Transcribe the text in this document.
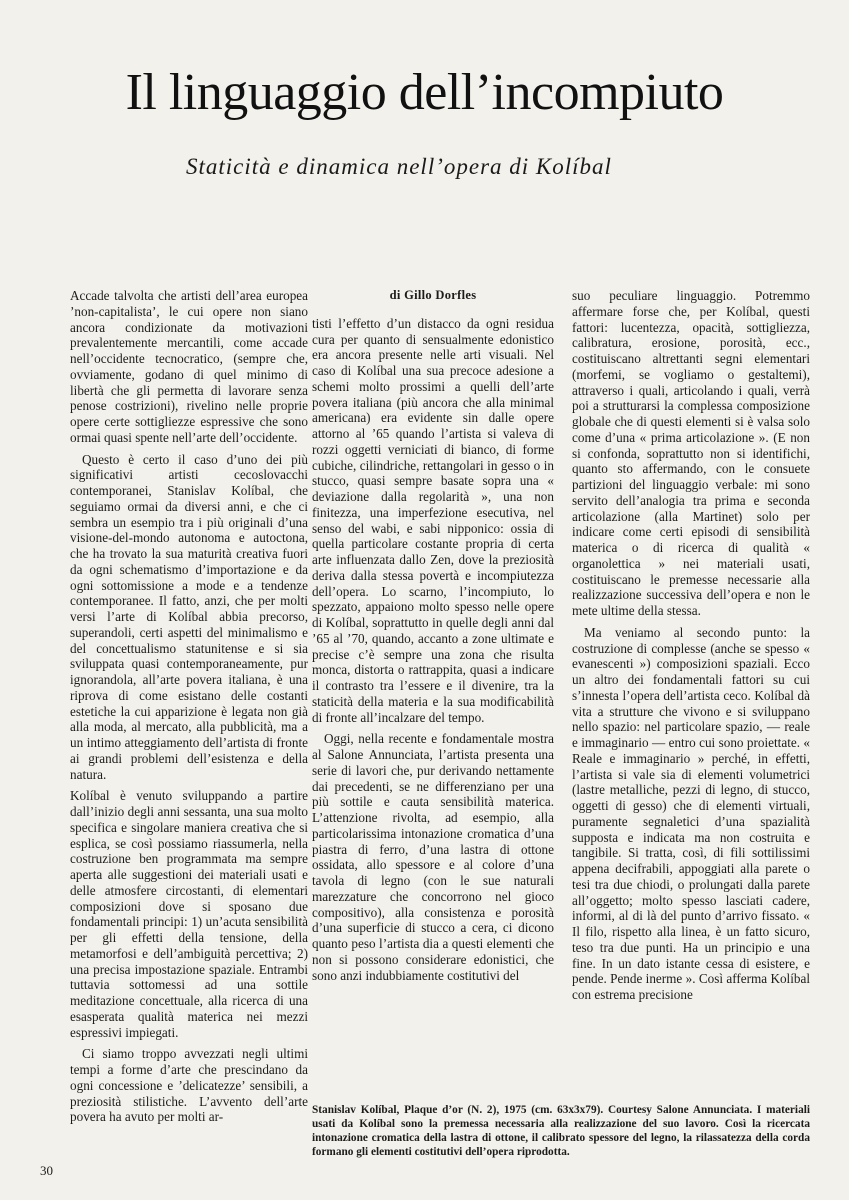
Il linguaggio dell’incompiuto
Staticità e dinamica nell’opera di Kolíbal

Accade talvolta che artisti dell’area europea ’non-capitalista’, le cui opere non siano ancora condizionate da motivazioni prevalentemente mercantili, come accade nell’occidente tecnocratico, (sempre che, ovviamente, godano di quel minimo di libertà che gli permetta di lavorare senza penose costrizioni), rivelino nelle proprie opere certe sottigliezze espressive che sono ormai quasi spente nell’arte dell’occidente.

Questo è certo il caso d’uno dei più significativi artisti cecoslovacchi contemporanei, Stanislav Kolíbal, che seguiamo ormai da diversi anni, e che ci sembra un esempio tra i più originali d’una visione-del-mondo autonoma e autoctona, che ha trovato la sua maturità creativa fuori da ogni schematismo d’importazione e da ogni sottomissione a mode e a tendenze contemporanee. Il fatto, anzi, che per molti versi l’arte di Kolíbal abbia precorso, superandoli, certi aspetti del minimalismo e del concettualismo statunitense e si sia sviluppata quasi contemporaneamente, pur ignorandola, all’arte povera italiana, è una riprova di come esistano delle costanti estetiche la cui apparizione è legata non già alla moda, al mercato, alla pubblicità, ma a un intimo atteggiamento dell’artista di fronte ai grandi problemi dell’esistenza e della natura.

Kolíbal è venuto sviluppando a partire dall’inizio degli anni sessanta, una sua molto specifica e singolare maniera creativa che si esplica, se così possiamo riassumerla, nella costruzione ben programmata ma sempre aperta alle suggestioni dei materiali usati e delle atmosfere circostanti, di elementari composizioni dove si sposano due fondamentali principi: 1) un’acuta sensibilità per gli effetti della tensione, della metamorfosi e dell’ambiguità percettiva; 2) una precisa impostazione spaziale. Entrambi tuttavia sottomessi ad una sottile meditazione concettuale, alla ricerca di una esasperata qualità materica nei mezzi espressivi impiegati.

Ci siamo troppo avvezzati negli ultimi tempi a forme d’arte che prescindano da ogni concessione e ’delicatezze’ sensibili, a preziosità stilistiche. L’avvento dell’arte povera ha avuto per molti ar-

di Gillo Dorfles

tisti l’effetto d’un distacco da ogni residua cura per quanto di sensualmente edonistico era ancora presente nelle arti visuali. Nel caso di Kolíbal una sua precoce adesione a schemi molto prossimi a quelli dell’arte povera italiana (più ancora che alla minimal americana) era evidente sin dalle opere attorno al ’65 quando l’artista si valeva di rozzi oggetti verniciati di bianco, di forme cubiche, cilindriche, rettangolari in gesso o in stucco, quasi sempre basate sopra una « deviazione dalla regolarità », una non finitezza, una imperfezione esecutiva, nel senso del wabi, e sabi nipponico: ossia di quella particolare costante propria di certa arte influenzata dallo Zen, dove la preziosità deriva dalla stessa povertà e incompiutezza dell’opera. Lo scarno, l’incompiuto, lo spezzato, appaiono molto spesso nelle opere di Kolíbal, soprattutto in quelle degli anni dal ’65 al ’70, quando, accanto a zone ultimate e precise c’è sempre una zona che risulta monca, distorta o rattrappita, quasi a indicare il contrasto tra l’essere e il divenire, tra la staticità della materia e la sua modificabilità di fronte all’incalzare del tempo.

Oggi, nella recente e fondamentale mostra al Salone Annunciata, l’artista presenta una serie di lavori che, pur derivando nettamente dai precedenti, se ne differenziano per una più sottile e cauta sensibilità materica. L’attenzione rivolta, ad esempio, alla particolarissima intonazione cromatica d’una piastra di ferro, d’una lastra di ottone ossidata, allo spessore e al colore d’una tavola di legno (con le sue naturali marezzature che concorrono nel gioco compositivo), alla consistenza e porosità d’una superficie di stucco a cera, ci dicono quanto peso l’artista dia a questi elementi che non si possono considerare edonistici, che sono anzi indubbiamente costitutivi del

suo peculiare linguaggio. Potremmo affermare forse che, per Kolíbal, questi fattori: lucentezza, opacità, sottigliezza, calibratura, erosione, porosità, ecc., costituiscano altrettanti segni elementari (morfemi, se vogliamo o gestaltemi), attraverso i quali, articolando i quali, verrà poi a strutturarsi la complessa composizione globale che di questi elementi si è valsa solo come d’una « prima articolazione ». (E non si confonda, soprattutto non si identifichi, quanto sto affermando, con le consuete partizioni del linguaggio verbale: mi sono servito dell’analogia tra prima e seconda articolazione (alla Martinet) solo per indicare come certi episodi di sensibilità materica o di ricerca di qualità « organolettica » nei materiali usati, costituiscano le premesse necessarie alla realizzazione successiva dell’opera e non le mete ultime della stessa.

Ma veniamo al secondo punto: la costruzione di complesse (anche se spesso « evanescenti ») composizioni spaziali. Ecco un altro dei fondamentali fattori su cui s’innesta l’opera dell’artista ceco. Kolíbal dà vita a strutture che vivono e si sviluppano nello spazio: nel particolare spazio, — reale e immaginario — entro cui sono proiettate. « Reale e immaginario » perché, in effetti, l’artista si vale sia di elementi volumetrici (lastre metalliche, pezzi di legno, di stucco, oggetti di gesso) che di elementi virtuali, puramente segnaletici d’una spazialità supposta e indicata ma non costruita e tangibile. Si tratta, così, di fili sottilissimi appena decifrabili, appoggiati alla parete o tesi tra due chiodi, o prolungati dalla parete all’oggetto; molto spesso lasciati cadere, informi, al di là del punto d’arrivo fissato. « Il filo, rispetto alla linea, è un fatto sicuro, teso tra due punti. Ha un principio e una fine. In un dato istante cessa di esistere, e pende. Pende inerme ». Così afferma Kolíbal con estrema precisione

Stanislav Kolíbal, Plaque d’or (N. 2), 1975 (cm. 63x3x79). Courtesy Salone Annunciata. I materiali usati da Kolíbal sono la premessa necessaria alla realizzazione del suo lavoro. Così la ricercata intonazione cromatica della lastra di ottone, il calibrato spessore del legno, la rilassatezza della corda formano gli elementi costitutivi dell’opera riprodotta.
30
